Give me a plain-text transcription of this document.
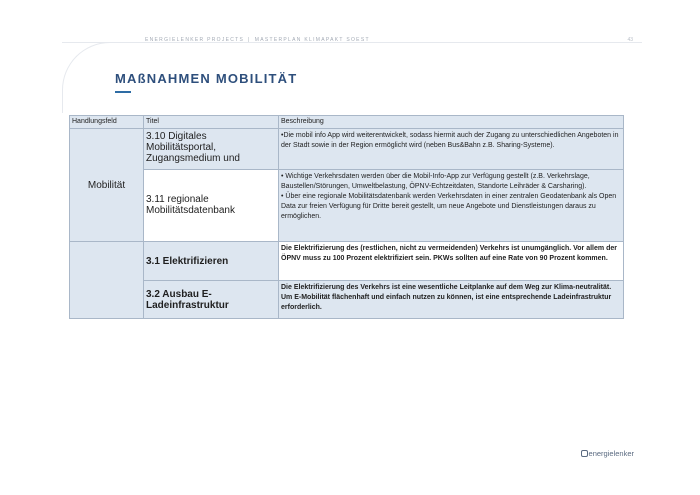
ENERGIELENKER PROJECTS | MASTERPLAN KLIMAPAKT SOEST	43
MAßNAHMEN MOBILITÄT
Handlungsfeld	Titel	Beschreibung
Mobilität	3.10 Digitales Mobilitätsportal, Zugangsmedium und	•Die mobil info App wird weiterentwickelt, sodass hiermit auch der Zugang zu unterschiedlichen Angeboten in der Stadt sowie in der Region ermöglicht wird (neben Bus&Bahn z.B. Sharing-Systeme).
	3.11 regionale Mobilitätsdatenbank	• Wichtige Verkehrsdaten werden über die Mobil-Info-App zur Verfügung gestellt (z.B. Verkehrslage, Baustellen/Störungen, Umweltbelastung, ÖPNV-Echtzeitdaten, Standorte Leihräder & Carsharing).
• Über eine regionale Mobilitätsdatenbank werden Verkehrsdaten in einer zentralen Geodatenbank als Open Data zur freien Verfügung für Dritte bereit gestellt, um neue Angebote und Dienstleistungen daraus zu ermöglichen.

	3.1 Elektrifizieren	Die Elektrifizierung des (restlichen, nicht zu vermeidenden) Verkehrs ist unumgänglich. Vor allem der ÖPNV muss zu 100 Prozent elektrifiziert sein. PKWs sollten auf eine Rate von 90 Prozent kommen.
	3.2 Ausbau E-Ladeinfrastruktur	Die Elektrifizierung des Verkehrs ist eine wesentliche Leitplanke auf dem Weg zur Klima-neutralität. Um E-Mobilität flächenhaft und einfach nutzen zu können, ist eine entsprechende Ladeinfrastruktur erforderlich.
energielenker
